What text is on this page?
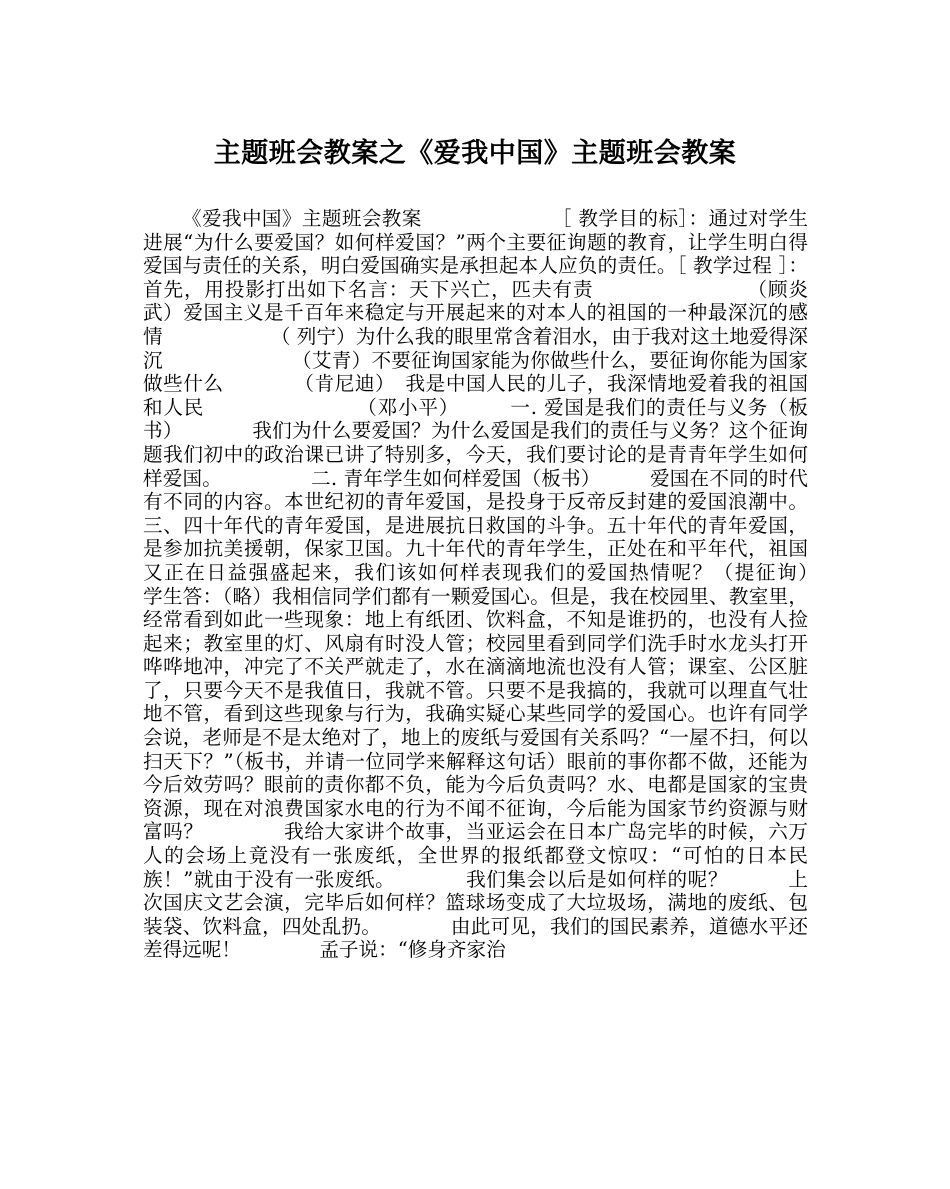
主题班会教案之《爱我中国》主题班会教案

《爱我中国》主题班会教案　　　　　　　［ 教学目的标］：通过对学生进展“为什么要爱国？如何样爱国？”两个主要征询题的教育，让学生明白得爱国与责任的关系，明白爱国确实是承担起本人应负的责任。［ 教学过程 ］：首先，用投影打出如下名言：天下兴亡，匹夫有责　　　　　　　　（顾炎武）爱国主义是千百年来稳定与开展起来的对本人的祖国的一种最深沉的感情　　　　　　（ 列宁）为什么我的眼里常含着泪水，由于我对这土地爱得深沉　　　　　　　（艾青）不要征询国家能为你做些什么，要征询你能为国家做些什么　　　　（肯尼迪）　我是中国人民的儿子，我深情地爱着我的祖国和人民　　　　　　　　（邓小平）　　　一. 爱国是我们的责任与义务（板书）　　　　我们为什么要爱国？为什么爱国是我们的责任与义务？这个征询题我们初中的政治课已讲了特别多，今天，我们要讨论的是青青年学生如何样爱国。　　　　　二. 青年学生如何样爱国（板书）　　　爱国在不同的时代有不同的内容。本世纪初的青年爱国，是投身于反帝反封建的爱国浪潮中。三、四十年代的青年爱国，是进展抗日救国的斗争。五十年代的青年爱国，是参加抗美援朝，保家卫国。九十年代的青年学生，正处在和平年代，祖国又正在日益强盛起来，我们该如何样表现我们的爱国热情呢？（提征询）　　　　学生答：（略）我相信同学们都有一颗爱国心。但是，我在校园里、教室里，经常看到如此一些现象：地上有纸团、饮料盒，不知是谁扔的，也没有人捡起来；教室里的灯、风扇有时没人管；校园里看到同学们洗手时水龙头打开哗哗地冲，冲完了不关严就走了，水在滴滴地流也没有人管；课室、公区脏了，只要今天不是我值日，我就不管。只要不是我搞的，我就可以理直气壮地不管，看到这些现象与行为，我确实疑心某些同学的爱国心。也许有同学会说，老师是不是太绝对了，地上的废纸与爱国有关系吗？“一屋不扫，何以扫天下？”（板书，并请一位同学来解释这句话）眼前的事你都不做，还能为今后效劳吗？眼前的责你都不负，能为今后负责吗？水、电都是国家的宝贵资源，现在对浪费国家水电的行为不闻不征询，今后能为国家节约资源与财富吗？　　　　我给大家讲个故事，当亚运会在日本广岛完毕的时候，六万人的会场上竟没有一张废纸，全世界的报纸都登文惊叹：“可怕的日本民族！”就由于没有一张废纸。　　　　我们集会以后是如何样的呢？　　　上次国庆文艺会演，完毕后如何样？篮球场变成了大垃圾场，满地的废纸、包装袋、饮料盒，四处乱扔。　　　　由此可见，我们的国民素养，道德水平还差得远呢！　　　　孟子说：“修身齐家治
